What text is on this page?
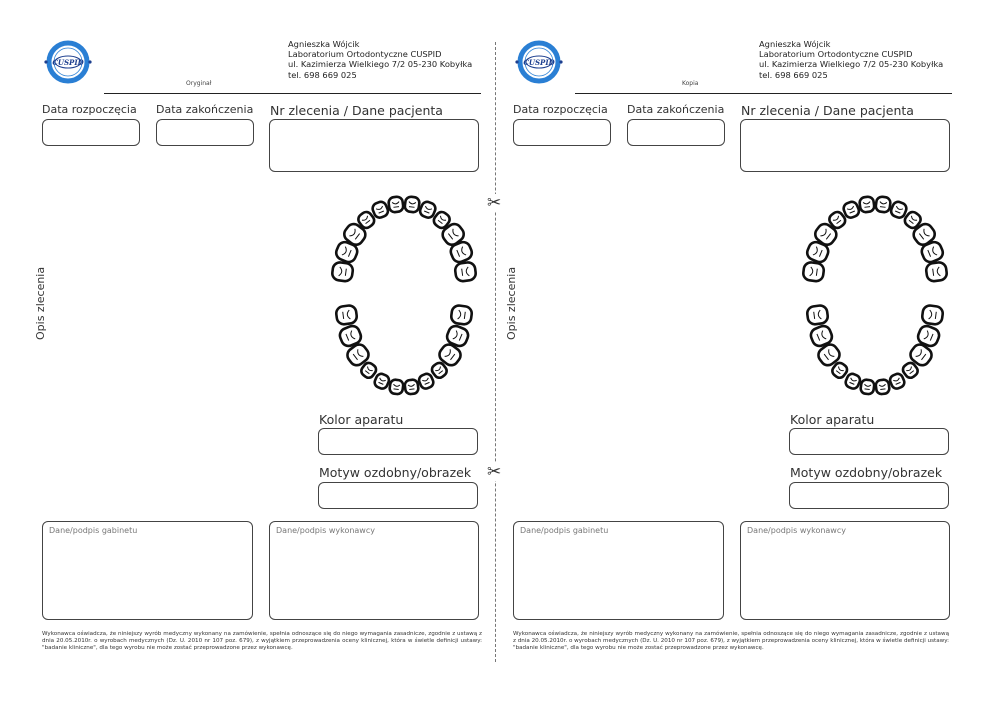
CUSPID
Oryginał
Agnieszka Wójcik
Laboratorium Ortodontyczne CUSPID
ul. Kazimierza Wielkiego 7/2 05-230 Kobyłka
tel. 698 669 025
Data rozpoczęcia Data zakończenia Nr zlecenia / Dane pacjenta
Opis zlecenia
Kolor aparatu
Motyw ozdobny/obrazek
Dane/podpis gabinetu	Dane/podpis wykonawcy
Wykonawca oświadcza, że niniejszy wyrób medyczny wykonany na zamówienie, spełnia odnoszące się do niego wymagania zasadnicze, zgodnie z ustawą z dnia 20.05.2010r. o wyrobach medycznych (Dz. U. 2010 nr 107 poz. 679), z wyjątkiem przeprowadzenia oceny klinicznej, która w świetle definicji ustawy: "badanie kliniczne", dla tego wyrobu nie może zostać przeprowadzone przez wykonawcę.
CUSPID
Kopia
Agnieszka Wójcik
Laboratorium Ortodontyczne CUSPID
ul. Kazimierza Wielkiego 7/2 05-230 Kobyłka
tel. 698 669 025
Data rozpoczęcia Data zakończenia Nr zlecenia / Dane pacjenta
Opis zlecenia
Kolor aparatu
Motyw ozdobny/obrazek
Dane/podpis gabinetu	Dane/podpis wykonawcy
Wykonawca oświadcza, że niniejszy wyrób medyczny wykonany na zamówienie, spełnia odnoszące się do niego wymagania zasadnicze, zgodnie z ustawą z dnia 20.05.2010r. o wyrobach medycznych (Dz. U. 2010 nr 107 poz. 679), z wyjątkiem przeprowadzenia oceny klinicznej, która w świetle definicji ustawy: "badanie kliniczne", dla tego wyrobu nie może zostać przeprowadzone przez wykonawcę.
✂
✂
